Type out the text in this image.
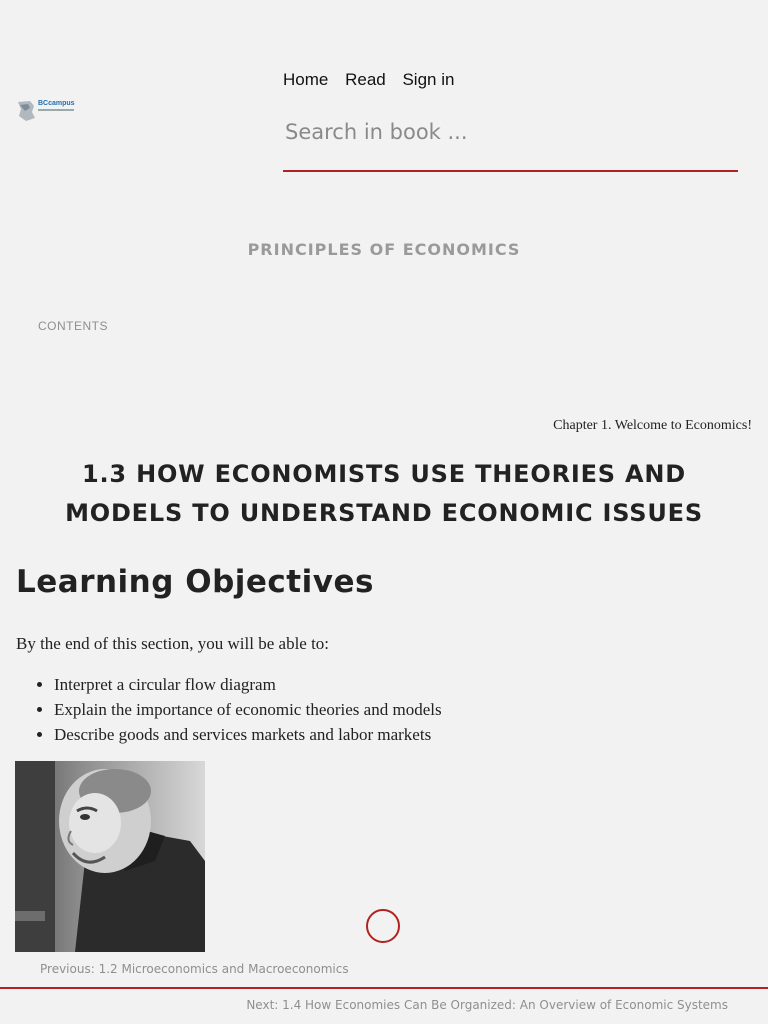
BCcampus
Home Read Sign in
Search in book ...
PRINCIPLES OF ECONOMICS
CONTENTS
Chapter 1. Welcome to Economics!
1.3 HOW ECONOMISTS USE THEORIES AND MODELS TO UNDERSTAND ECONOMIC ISSUES
Learning Objectives

By the end of this section, you will be able to:

• Interpret a circular flow diagram
• Explain the importance of economic theories and models
• Describe goods and services markets and labor markets
Previous: 1.2 Microeconomics and Macroeconomics
Next: 1.4 How Economies Can Be Organized: An Overview of Economic Systems
